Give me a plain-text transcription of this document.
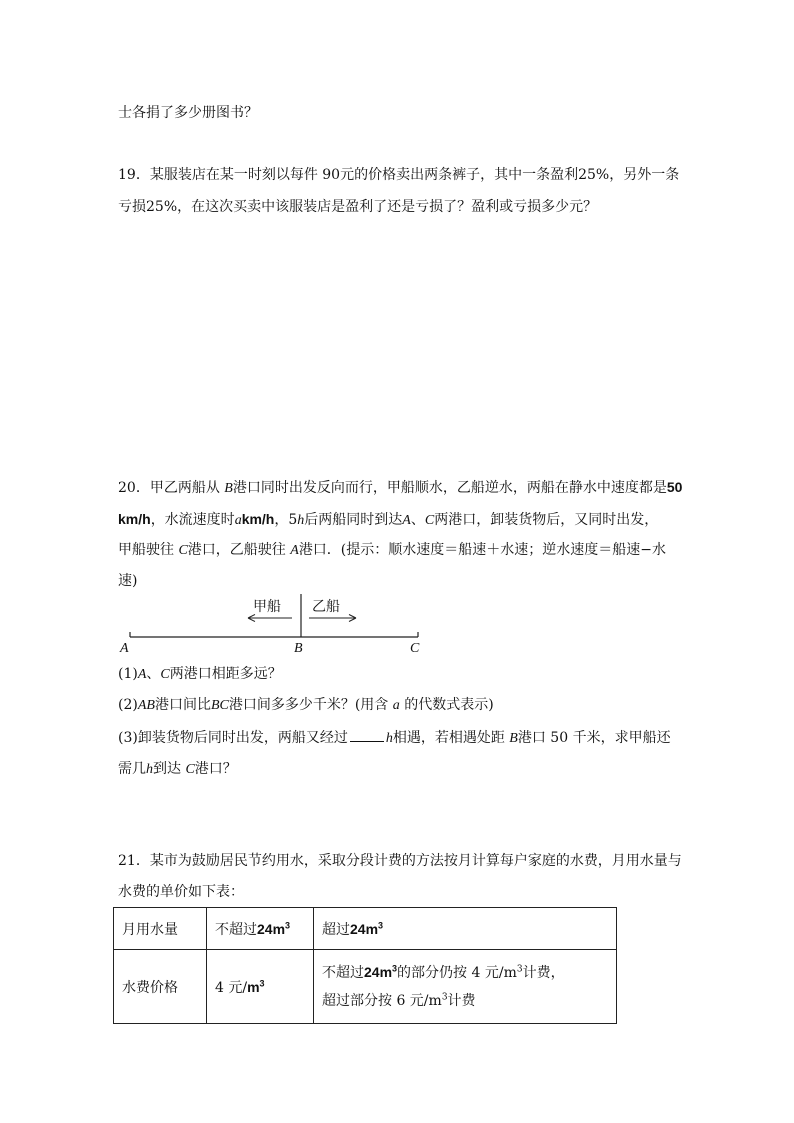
士各捐了多少册图书？
19．某服装店在某一时刻以每件 90元的价格卖出两条裤子，其中一条盈利25%，另外一条
亏损25%，在这次买卖中该服装店是盈利了还是亏损了？盈利或亏损多少元？
20．甲乙两船从 B港口同时出发反向而行，甲船顺水，乙船逆水，两船在静水中速度都是50
km/h，水流速度时akm/h，5h后两船同时到达A、C两港口，卸装货物后，又同时出发，
甲船驶往 C港口，乙船驶往 A港口．(提示：顺水速度＝船速＋水速；逆水速度＝船速−水
速)
甲船 乙船
A	B	C
(1)A、C两港口相距多远？
(2)AB港口间比BC港口间多多少千米？(用含 a 的代数式表示)
(3)卸装货物后同时出发，两船又经过	h相遇，若相遇处距 B港口 50 千米，求甲船还
需几h到达 C港口？
21．某市为鼓励居民节约用水，采取分段计费的方法按月计算每户家庭的水费，月用水量与
水费的单价如下表：
月用水量	不超过$24m^3$	超过$24m^3$
水费价格	4 元$/m^3$	不超过$24m^3$的部分仍按 4 元$/m^3$计费，
超过部分按 6 元$/m^3$计费
